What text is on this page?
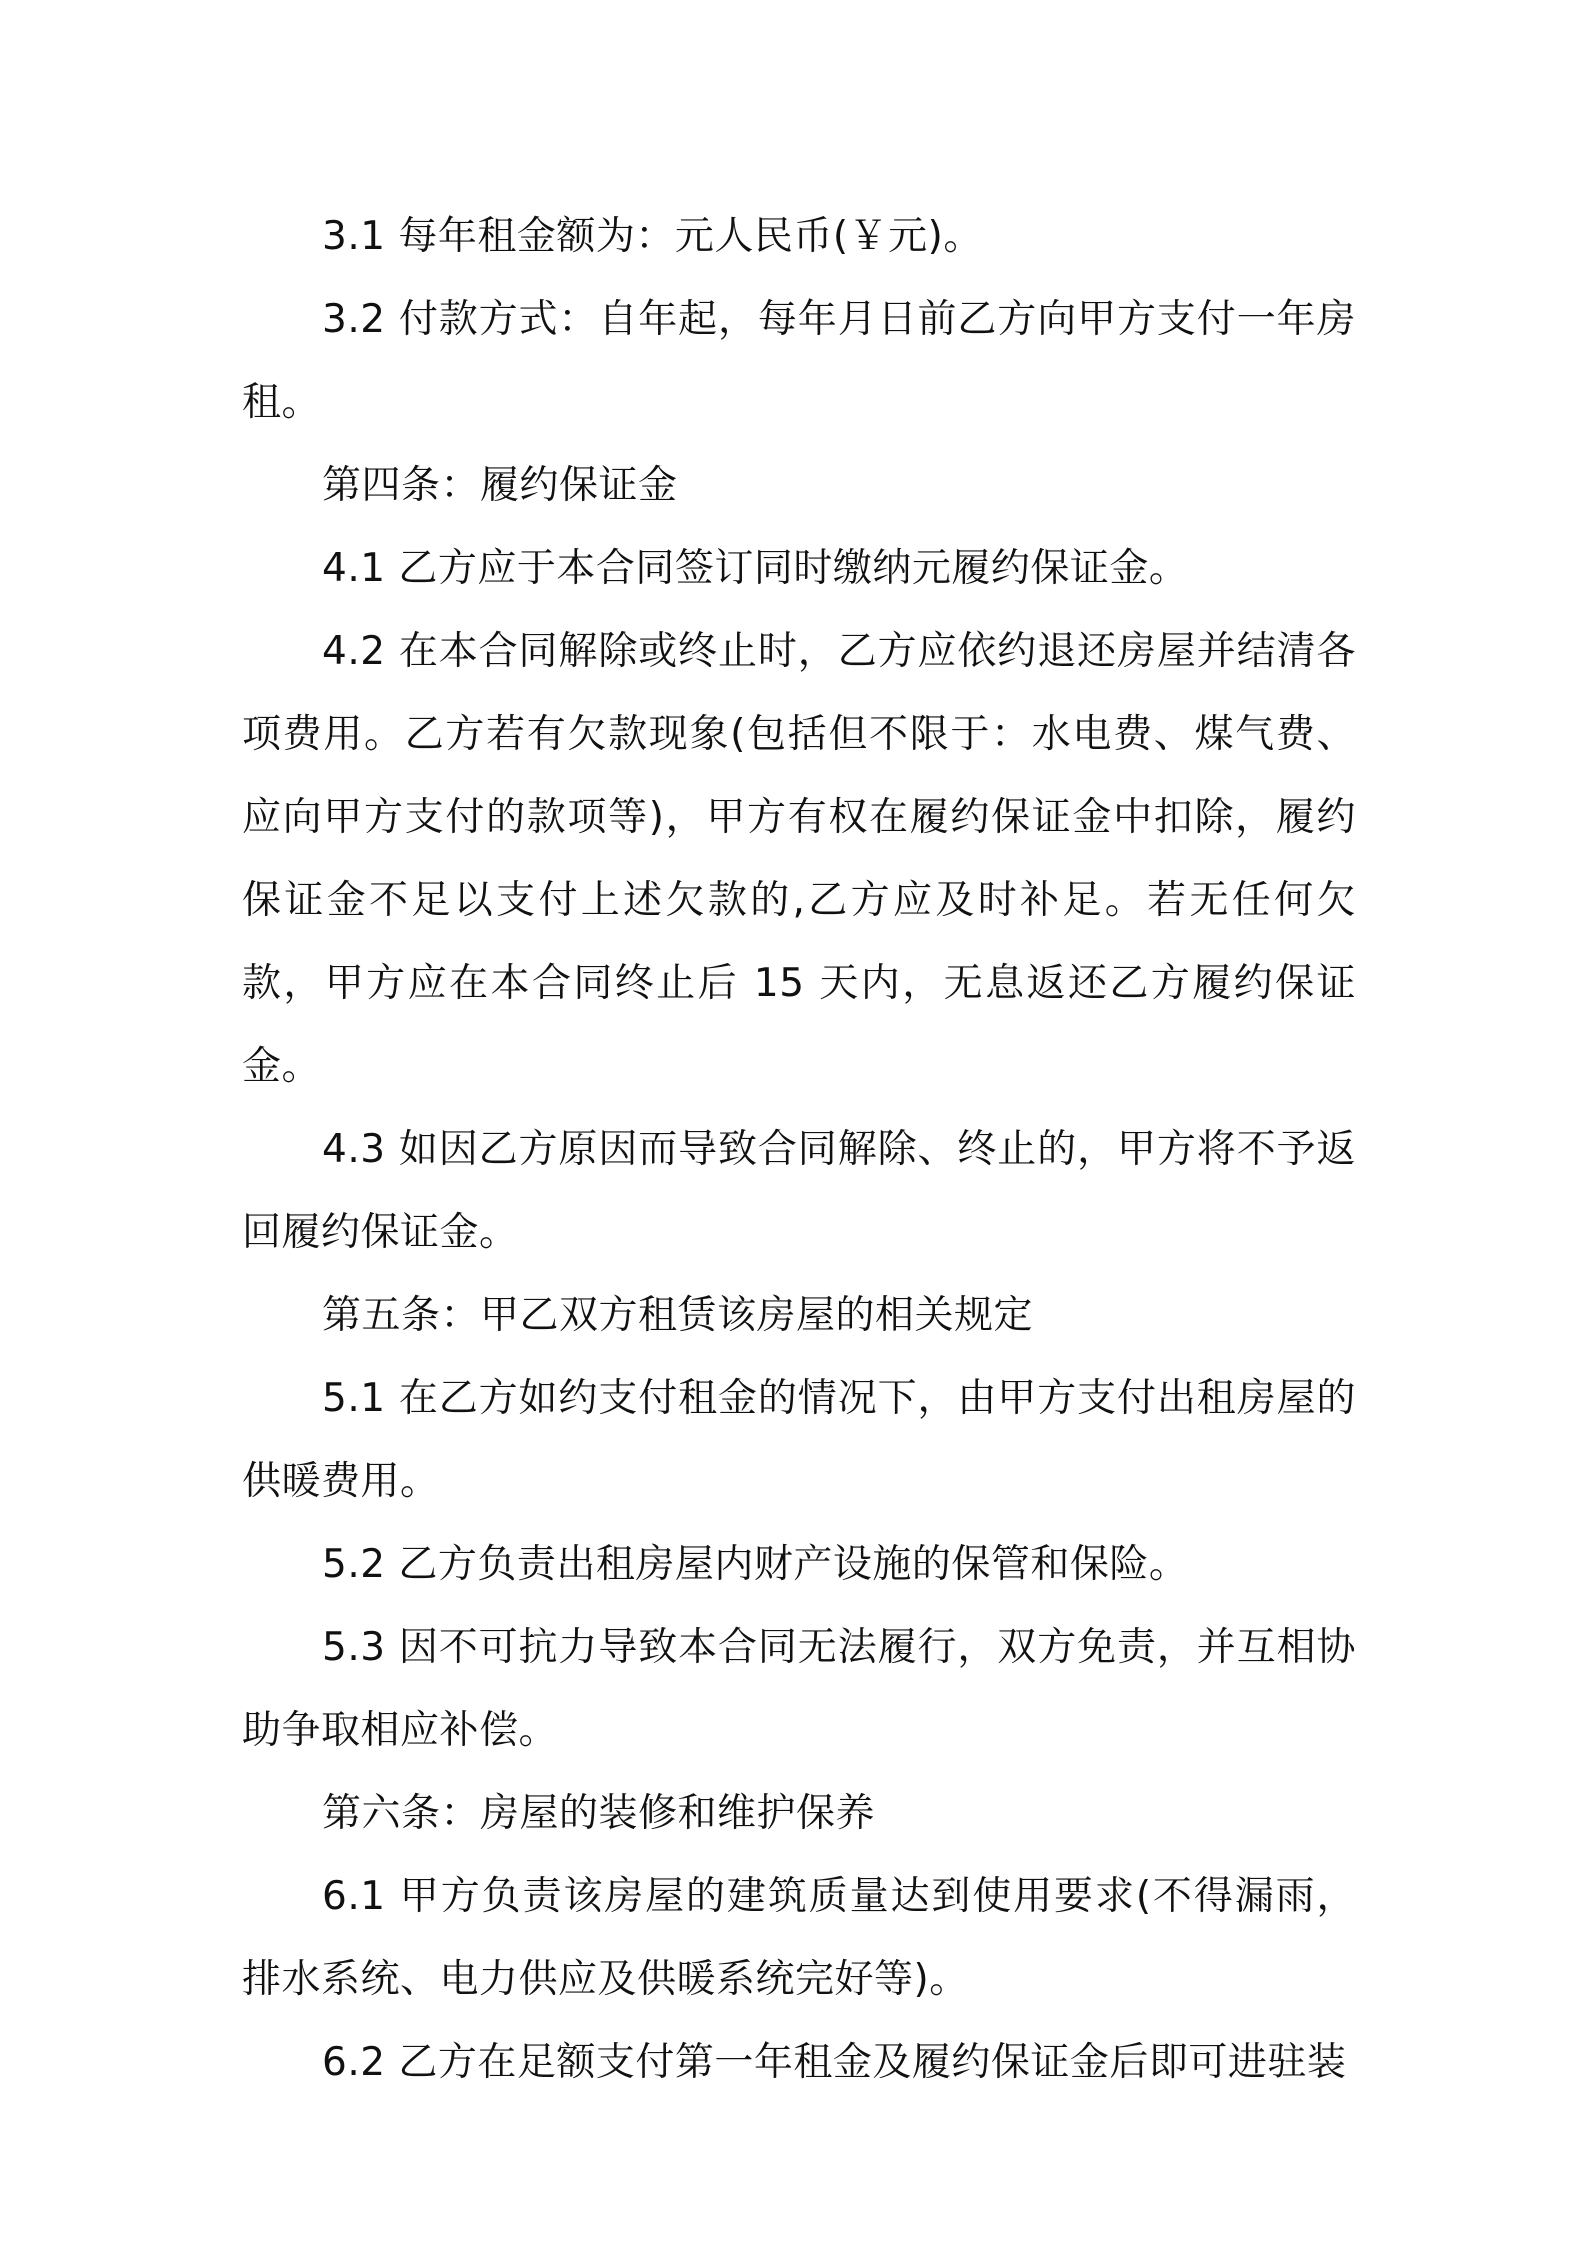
3.1 每年租金额为：元人民币(￥元)。

3.2 付款方式：自年起，每年月日前乙方向甲方支付一年房租。

第四条：履约保证金

4.1 乙方应于本合同签订同时缴纳元履约保证金。

4.2 在本合同解除或终止时，乙方应依约退还房屋并结清各项费用。乙方若有欠款现象(包括但不限于：水电费、煤气费、应向甲方支付的款项等)，甲方有权在履约保证金中扣除，履约保证金不足以支付上述欠款的,乙方应及时补足。若无任何欠款，甲方应在本合同终止后 15 天内，无息返还乙方履约保证金。

4.3 如因乙方原因而导致合同解除、终止的，甲方将不予返回履约保证金。

第五条：甲乙双方租赁该房屋的相关规定

5.1 在乙方如约支付租金的情况下，由甲方支付出租房屋的供暖费用。

5.2 乙方负责出租房屋内财产设施的保管和保险。

5.3 因不可抗力导致本合同无法履行，双方免责，并互相协助争取相应补偿。

第六条：房屋的装修和维护保养

6.1 甲方负责该房屋的建筑质量达到使用要求(不得漏雨，排水系统、电力供应及供暖系统完好等)。

6.2 乙方在足额支付第一年租金及履约保证金后即可进驻装
